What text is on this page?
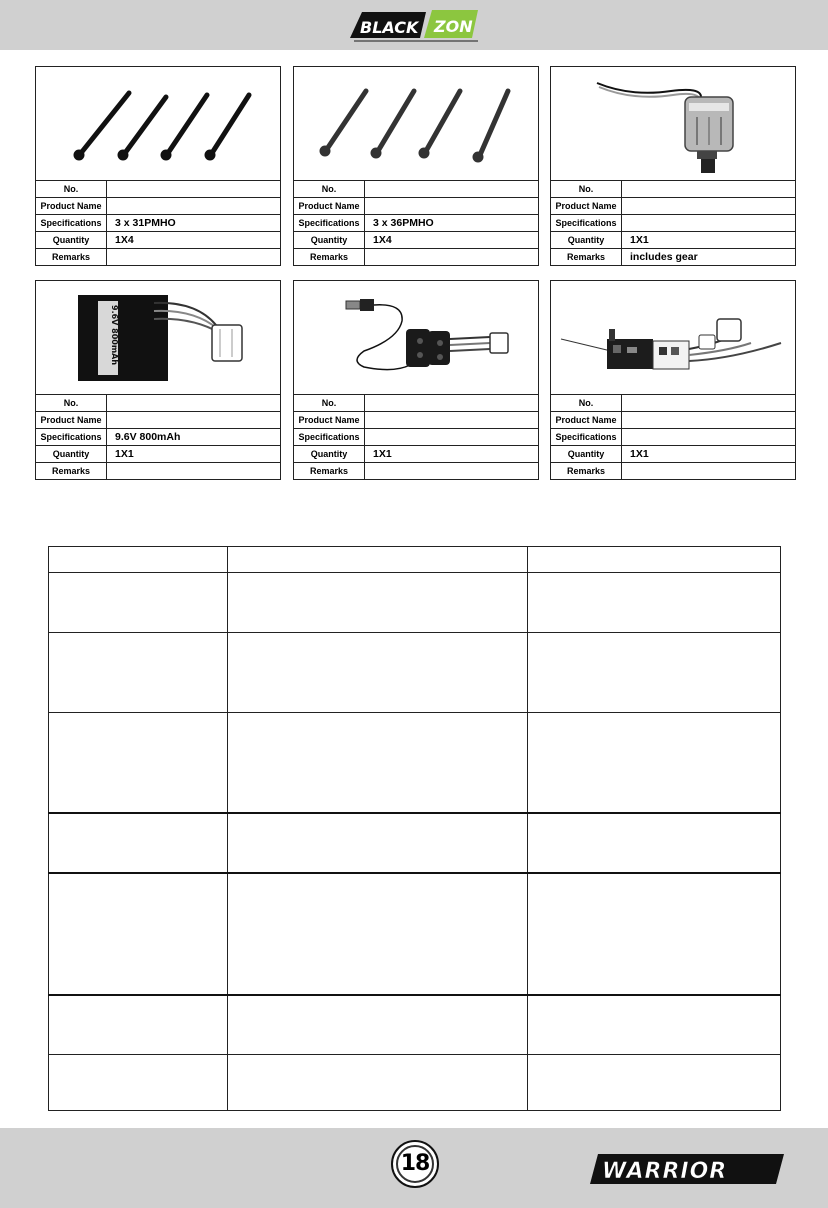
BLACK ZON
No.
Product Name
Specifications	3 x 31PMHO
Quantity	1X4
Remarks
No.
Product Name
Specifications	3 x 36PMHO
Quantity	1X4
Remarks
No.
Product Name
Specifications
Quantity	1X1
Remarks	includes gear
9.6V 800mAh
No.
Product Name
Specifications	9.6V 800mAh
Quantity	1X1
Remarks
No.
Product Name
Specifications
Quantity	1X1
Remarks
No.
Product Name
Specifications
Quantity	1X1
Remarks

18	WARRIOR
